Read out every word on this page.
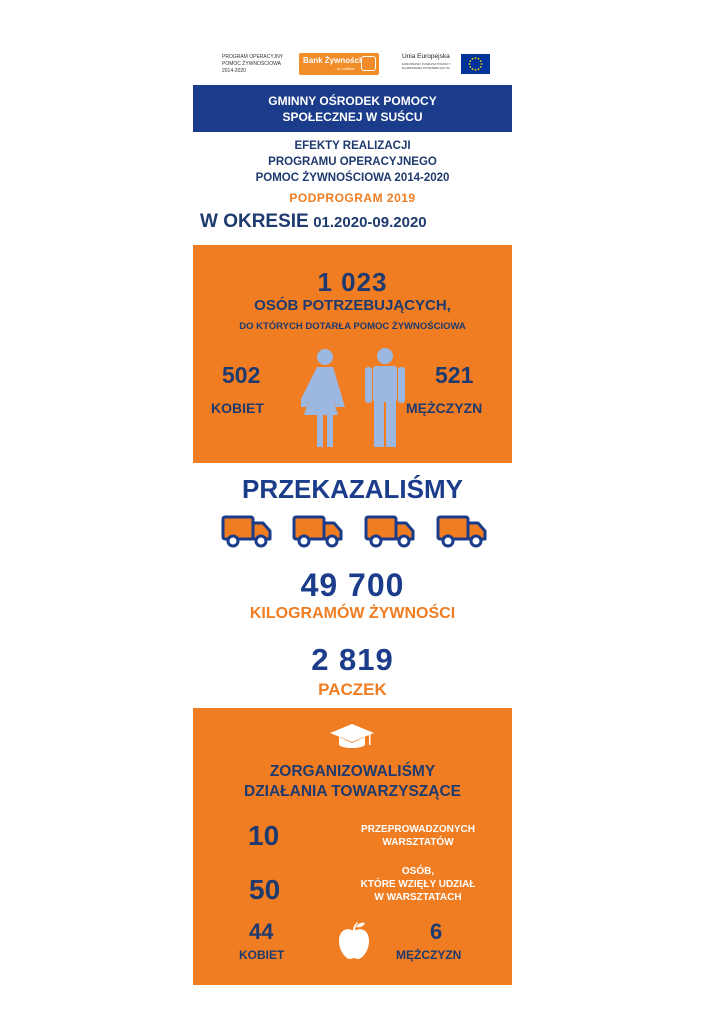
PROGRAM OPERACYJNY
POMOC ŻYWNOŚCIOWA
2014-2020
Bank Żywności
w Lublinie
Unia Europejska
EUROPEJSKI FUNDUSZ POMOCY NAJBARDZIEJ POTRZEBUJĄCYM
GMINNY OŚRODEK POMOCY
SPOŁECZNEJ W SUŚCU
EFEKTY REALIZACJI
PROGRAMU OPERACYJNEGO
POMOC ŻYWNOŚCIOWA 2014-2020
PODPROGRAM 2019
W OKRESIE 01.2020-09.2020
1 023
OSÓB POTRZEBUJĄCYCH,
DO KTÓRYCH DOTARŁA POMOC ŻYWNOŚCIOWA
502
KOBIET
521
MĘŻCZYZN
PRZEKAZALIŚMY
49 700
KILOGRAMÓW ŻYWNOŚCI
2 819
PACZEK
ZORGANIZOWALIŚMY
DZIAŁANIA TOWARZYSZĄCE
10	PRZEPROWADZONYCH
WARSZTATÓW
50
OSÓB,
KTÓRE WZIĘŁY UDZIAŁ
W WARSZTATACH
44
KOBIET
6
MĘŻCZYZN
